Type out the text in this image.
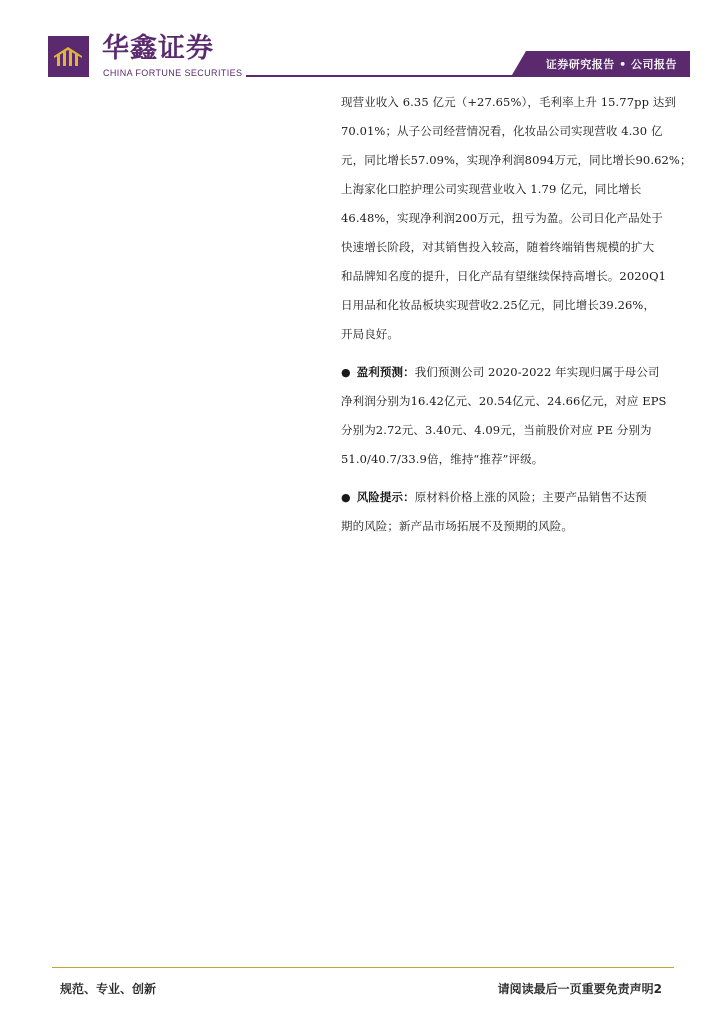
华鑫证券
CHINA FORTUNE SECURITIES
证券研究报告 • 公司报告
现营业收入 6.35 亿元（+27.65%），毛利率上升 15.77pp 达到
70.01%；从子公司经营情况看，化妆品公司实现营收 4.30 亿
元，同比增长57.09%，实现净利润8094万元，同比增长90.62%；
上海家化口腔护理公司实现营业收入 1.79 亿元，同比增长
46.48%，实现净利润200万元，扭亏为盈。公司日化产品处于
快速增长阶段，对其销售投入较高，随着终端销售规模的扩大
和品牌知名度的提升，日化产品有望继续保持高增长。2020Q1
日用品和化妆品板块实现营收2.25亿元，同比增长39.26%，
开局良好。
● 盈利预测：我们预测公司 2020-2022 年实现归属于母公司
净利润分别为16.42亿元、20.54亿元、24.66亿元，对应 EPS
分别为2.72元、3.40元、4.09元，当前股价对应 PE 分别为
51.0/40.7/33.9倍，维持“推荐”评级。
● 风险提示：原材料价格上涨的风险；主要产品销售不达预
期的风险；新产品市场拓展不及预期的风险。
规范、专业、创新	请阅读最后一页重要免责声明2
